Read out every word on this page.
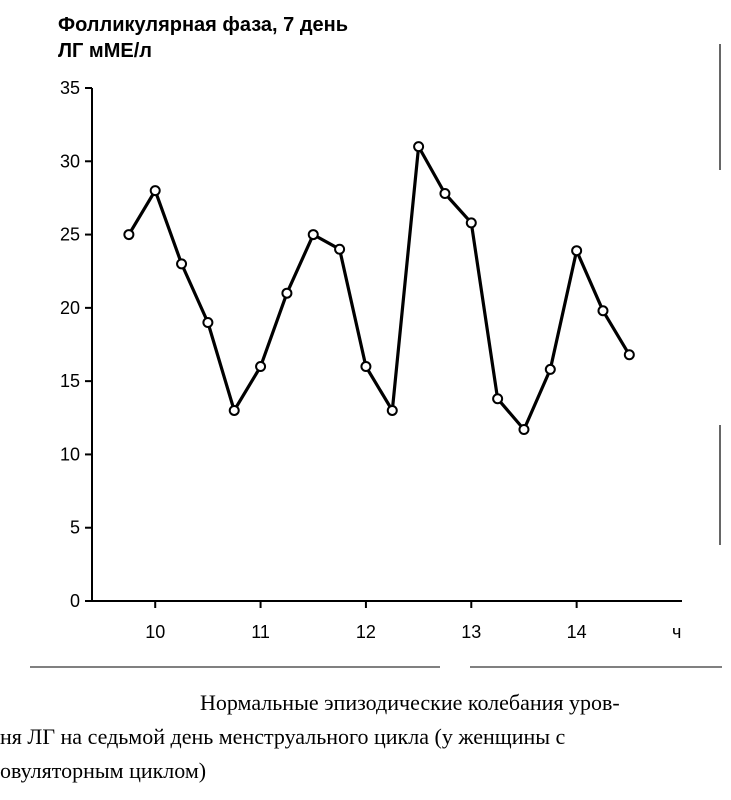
Фолликулярная фаза, 7 день
ЛГ мМЕ/л
0
5
10
15
20
25
30
35
10	11	12	13	14	ч
Нормальные эпизодические колебания уров-
ня ЛГ на седьмой день менструального цикла (у женщины с
овуляторным циклом)
